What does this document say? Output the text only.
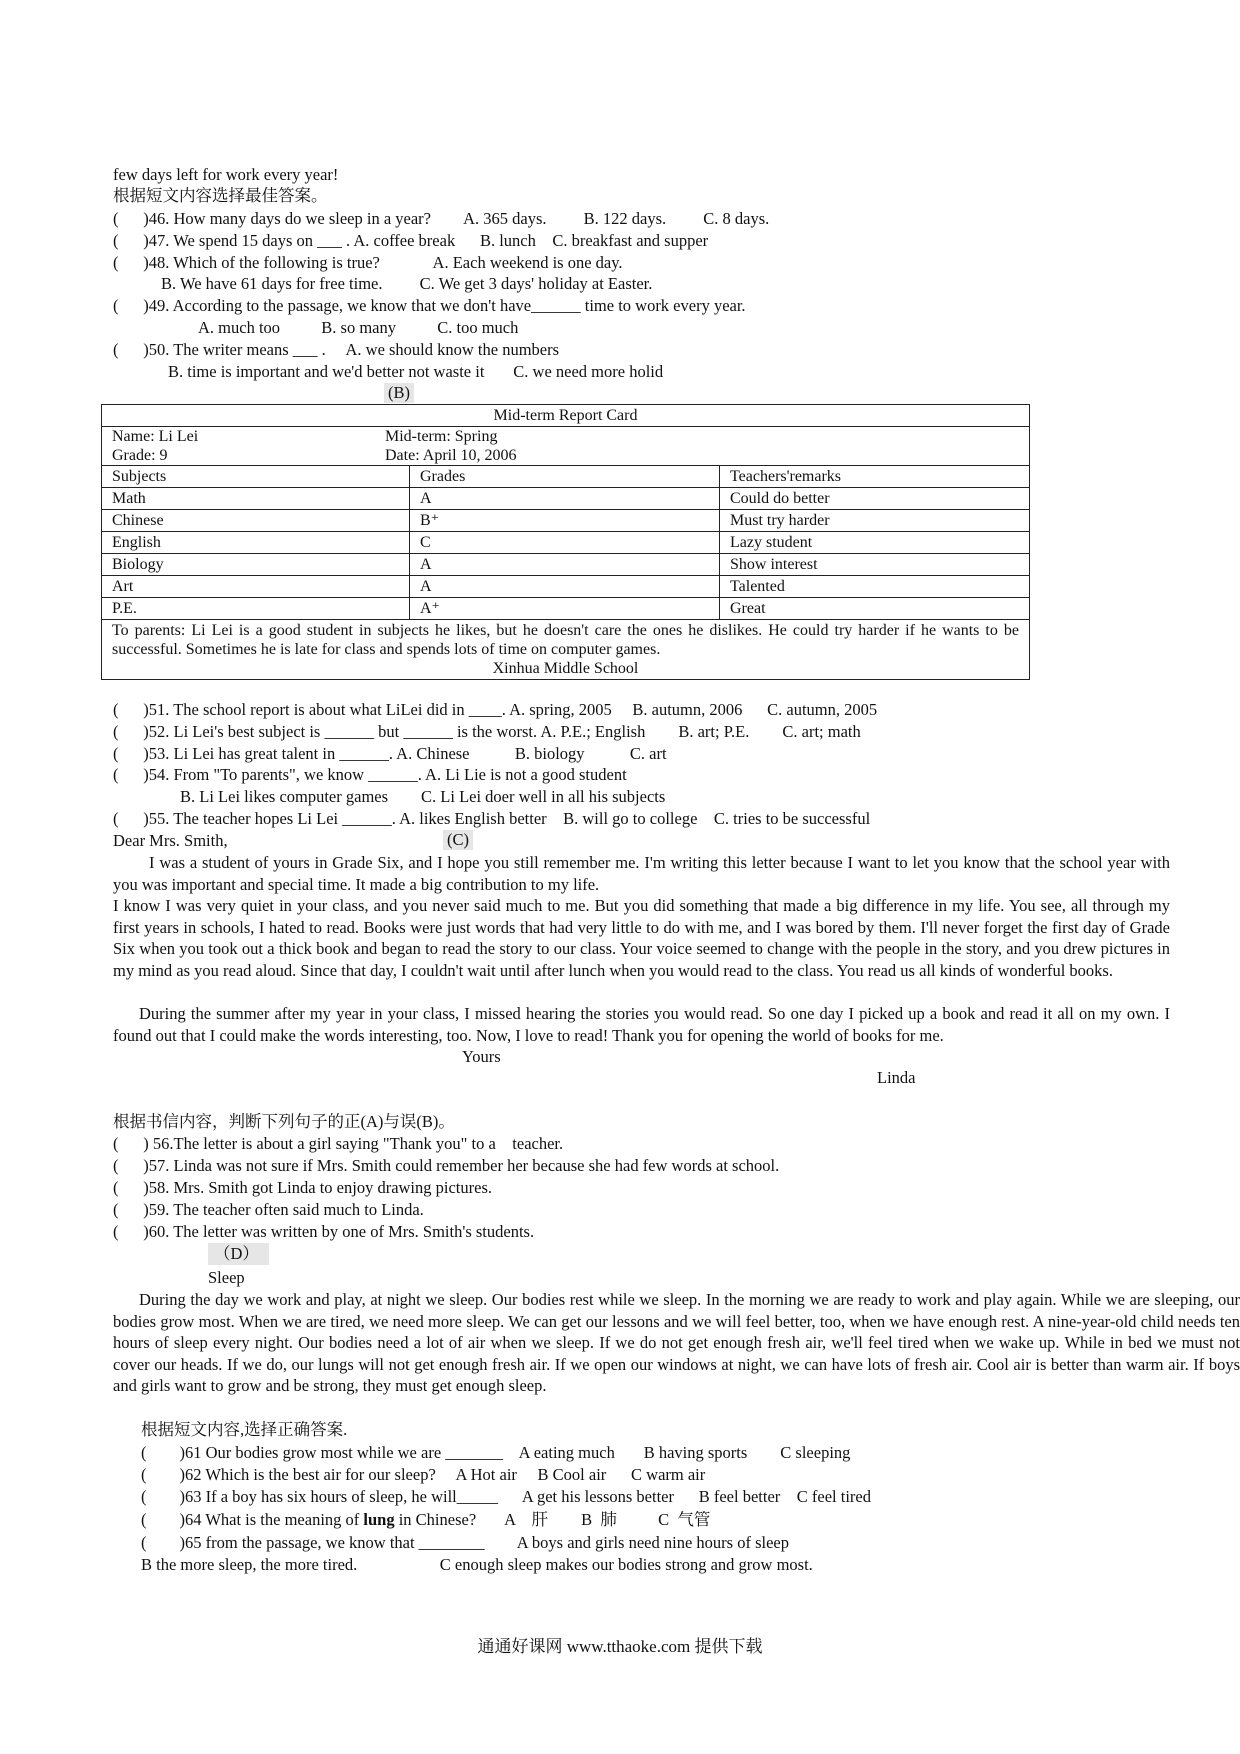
few days left for work every year!
根据短文内容选择最佳答案。
(      )46. How many days do we sleep in a year?        A. 365 days.         B. 122 days.         C. 8 days.
(      )47. We spend 15 days on ___ . A. coffee break      B. lunch    C. breakfast and supper
(      )48. Which of the following is true?             A. Each weekend is one day.
B. We have 61 days for free time.         C. We get 3 days' holiday at Easter.
(      )49. According to the passage, we know that we don't have______ time to work every year.
A. much too          B. so many          C. too much
(      )50. The writer means ___ .     A. we should know the numbers
B. time is important and we'd better not waste it       C. we need more holid
(B)
Mid-term Report Card		

Name: Li Lei Mid-term: Spring
Grade: 9 Date: April 10, 2006		

Subjects	Grades	Teachers'remarks
Math	A	Could do better
Chinese	B⁺	Must try harder
English	C	Lazy student
Biology	A	Show interest
Art	A	Talented
P.E.	A⁺	Great

To parents: Li Lei is a good student in subjects he likes, but he doesn't care the ones he dislikes. He could try harder if he wants to be successful. Sometimes he is late for class and spends lots of time on computer games.
Xinhua Middle School		
(      )51. The school report is about what LiLei did in ____. A. spring, 2005     B. autumn, 2006      C. autumn, 2005
(      )52. Li Lei's best subject is ______ but ______ is the worst. A. P.E.; English        B. art; P.E.        C. art; math
(      )53. Li Lei has great talent in ______. A. Chinese           B. biology           C. art
(      )54. From "To parents", we know ______. A. Li Lie is not a good student
B. Li Lei likes computer games        C. Li Lei doer well in all his subjects
(      )55. The teacher hopes Li Lei ______. A. likes English better    B. will go to college    C. tries to be successful
Dear Mrs. Smith,	(C)
I was a student of yours in Grade Six, and I hope you still remember me. I'm writing this letter because I want to let you know that the school year with you was important and special time. It made a big contribution to my life.
I know I was very quiet in your class, and you never said much to me. But you did something that made a big difference in my life. You see, all through my first years in schools, I hated to read. Books were just words that had very little to do with me, and I was bored by them. I'll never forget the first day of Grade Six when you took out a thick book and began to read the story to our class. Your voice seemed to change with the people in the story, and you drew pictures in my mind as you read aloud. Since that day, I couldn't wait until after lunch when you would read to the class. You read us all kinds of wonderful books.
During the summer after my year in your class, I missed hearing the stories you would read. So one day I picked up a book and read it all on my own. I found out that I could make the words interesting, too. Now, I love to read! Thank you for opening the world of books for me.
Yours
Linda
根据书信内容，判断下列句子的正(A)与误(B)。
(      ) 56.The letter is about a girl saying "Thank you" to a    teacher.
(      )57. Linda was not sure if Mrs. Smith could remember her because she had few words at school.
(      )58. Mrs. Smith got Linda to enjoy drawing pictures.
(      )59. The teacher often said much to Linda.
(      )60. The letter was written by one of Mrs. Smith's students.
（D）
Sleep
During the day we work and play, at night we sleep. Our bodies rest while we sleep. In the morning we are ready to work and play again. While we are sleeping, our bodies grow most. When we are tired, we need more sleep. We can get our lessons and we will feel better, too, when we have enough rest. A nine-year-old child needs ten hours of sleep every night. Our bodies need a lot of air when we sleep. If we do not get enough fresh air, we'll feel tired when we wake up. While in bed we must not cover our heads. If we do, our lungs will not get enough fresh air. If we open our windows at night, we can have lots of fresh air. Cool air is better than warm air. If boys and girls want to grow and be strong, they must get enough sleep.
根据短文内容,选择正确答案.
(        )61 Our bodies grow most while we are _______    A eating much       B having sports        C sleeping
(        )62 Which is the best air for our sleep?     A Hot air     B Cool air      C warm air
(        )63 If a boy has six hours of sleep, he will_____      A get his lessons better      B feel better    C feel tired
(        )64 What is the meaning of lung in Chinese?       A    肝        B  肺          C  气管
(        )65 from the passage, we know that ________        A boys and girls need nine hours of sleep
B the more sleep, the more tired.                    C enough sleep makes our bodies strong and grow most.
通通好课网 www.tthaoke.com 提供下载
